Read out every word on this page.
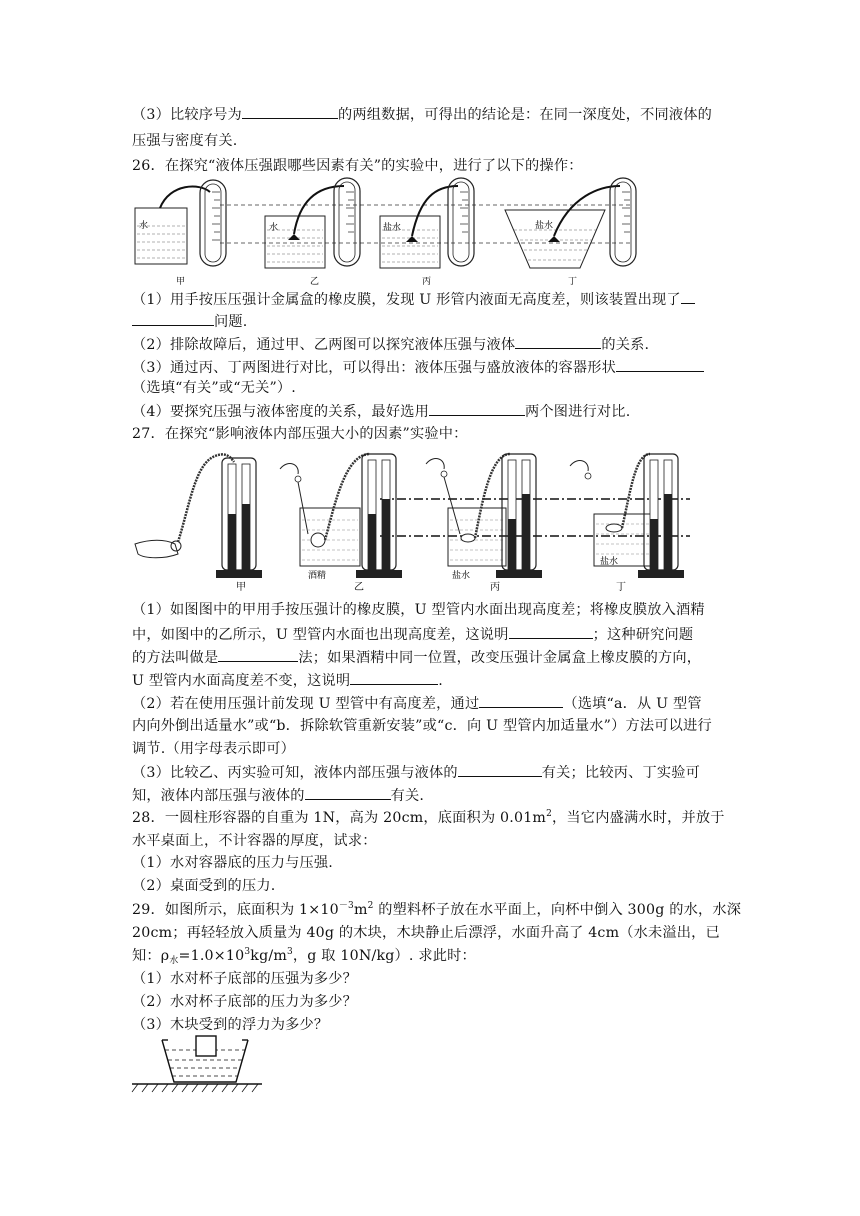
（3）比较序号为	的两组数据，可得出的结论是：在同一深度处，不同液体的
压强与密度有关.
26．在探究“液体压强跟哪些因素有关”的实验中，进行了以下的操作：
水
甲
水
乙
盐水
丙
盐水
丁
（1）用手按压压强计金属盒的橡皮膜，发现 U 形管内液面无高度差，则该装置出现了
问题.
（2）排除故障后，通过甲、乙两图可以探究液体压强与液体	的关系.
（3）通过丙、丁两图进行对比，可以得出：液体压强与盛放液体的容器形状
（选填“有关”或“无关”）.
（4）要探究压强与液体密度的关系，最好选用	两个图进行对比.
27．在探究“影响液体内部压强大小的因素”实验中：
甲
酒精
乙
盐水
丙
盐水
丁
（1）如图图中的甲用手按压强计的橡皮膜，U 型管内水面出现高度差；将橡皮膜放入酒精
中，如图中的乙所示，U 型管内水面也出现高度差，这说明	；这种研究问题
的方法叫做是	法；如果酒精中同一位置，改变压强计金属盒上橡皮膜的方向，
U 型管内水面高度差不变，这说明	.
（2）若在使用压强计前发现 U 型管中有高度差，通过	（选填“a．从 U 型管
内向外倒出适量水”或“b．拆除软管重新安装”或“c．向 U 型管内加适量水”）方法可以进行
调节.（用字母表示即可）
（3）比较乙、丙实验可知，液体内部压强与液体的	有关；比较丙、丁实验可
知，液体内部压强与液体的	有关.
28．一圆柱形容器的自重为 1N，高为 20cm，底面积为 $0.01m^2$，当它内盛满水时，并放于
水平桌面上，不计容器的厚度，试求：
（1）水对容器底的压力与压强.
（2）桌面受到的压力.
29．如图所示，底面积为 $1\times 10^{-3}m^2$ 的塑料杯子放在水平面上，向杯中倒入 300g 的水，水深
20cm；再轻轻放入质量为 40g 的木块，木块静止后漂浮，水面升高了 4cm（水未溢出，已
知：$\rho_水=1.0\times 10^3kg/m^3$，g 取 10N/kg）. 求此时：
（1）水对杯子底部的压强为多少？
（2）水对杯子底部的压力为多少？
（3）木块受到的浮力为多少？
